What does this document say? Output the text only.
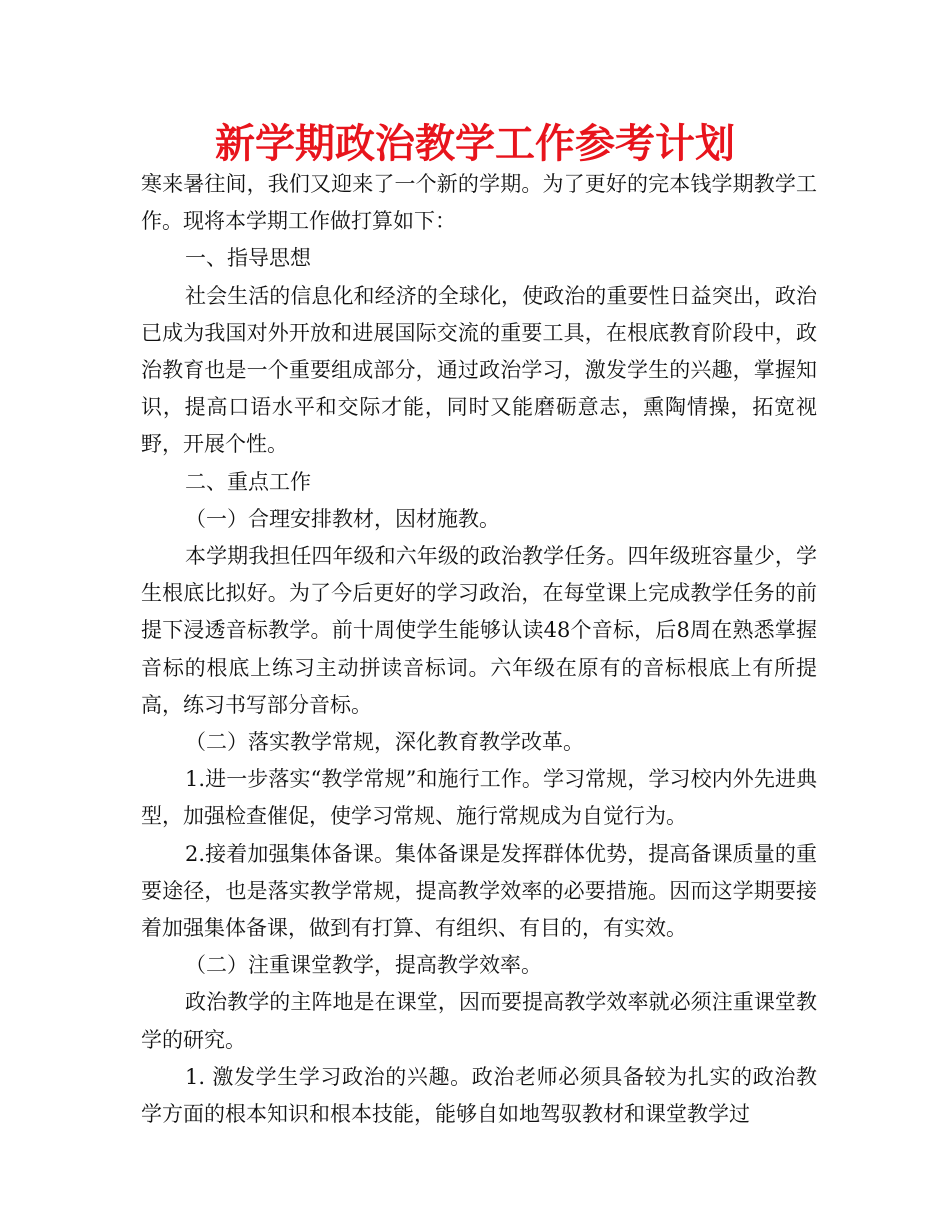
新学期政治教学工作参考计划

寒来暑往间，我们又迎来了一个新的学期。为了更好的完本钱学期教学工作。现将本学期工作做打算如下：

一、指导思想

社会生活的信息化和经济的全球化，使政治的重要性日益突出，政治已成为我国对外开放和进展国际交流的重要工具，在根底教育阶段中，政治教育也是一个重要组成部分，通过政治学习，激发学生的兴趣，掌握知识，提高口语水平和交际才能，同时又能磨砺意志，熏陶情操，拓宽视野，开展个性。

二、重点工作

（一）合理安排教材，因材施教。

本学期我担任四年级和六年级的政治教学任务。四年级班容量少，学生根底比拟好。为了今后更好的学习政治，在每堂课上完成教学任务的前提下浸透音标教学。前十周使学生能够认读48个音标，后8周在熟悉掌握音标的根底上练习主动拼读音标词。六年级在原有的音标根底上有所提高，练习书写部分音标。

（二）落实教学常规，深化教育教学改革。

1.进一步落实“教学常规”和施行工作。学习常规，学习校内外先进典型，加强检查催促，使学习常规、施行常规成为自觉行为。

2.接着加强集体备课。集体备课是发挥群体优势，提高备课质量的重要途径，也是落实教学常规，提高教学效率的必要措施。因而这学期要接着加强集体备课，做到有打算、有组织、有目的，有实效。

（二）注重课堂教学，提高教学效率。

政治教学的主阵地是在课堂，因而要提高教学效率就必须注重课堂教学的研究。

1. 激发学生学习政治的兴趣。政治老师必须具备较为扎实的政治教学方面的根本知识和根本技能，能够自如地驾驭教材和课堂教学过
